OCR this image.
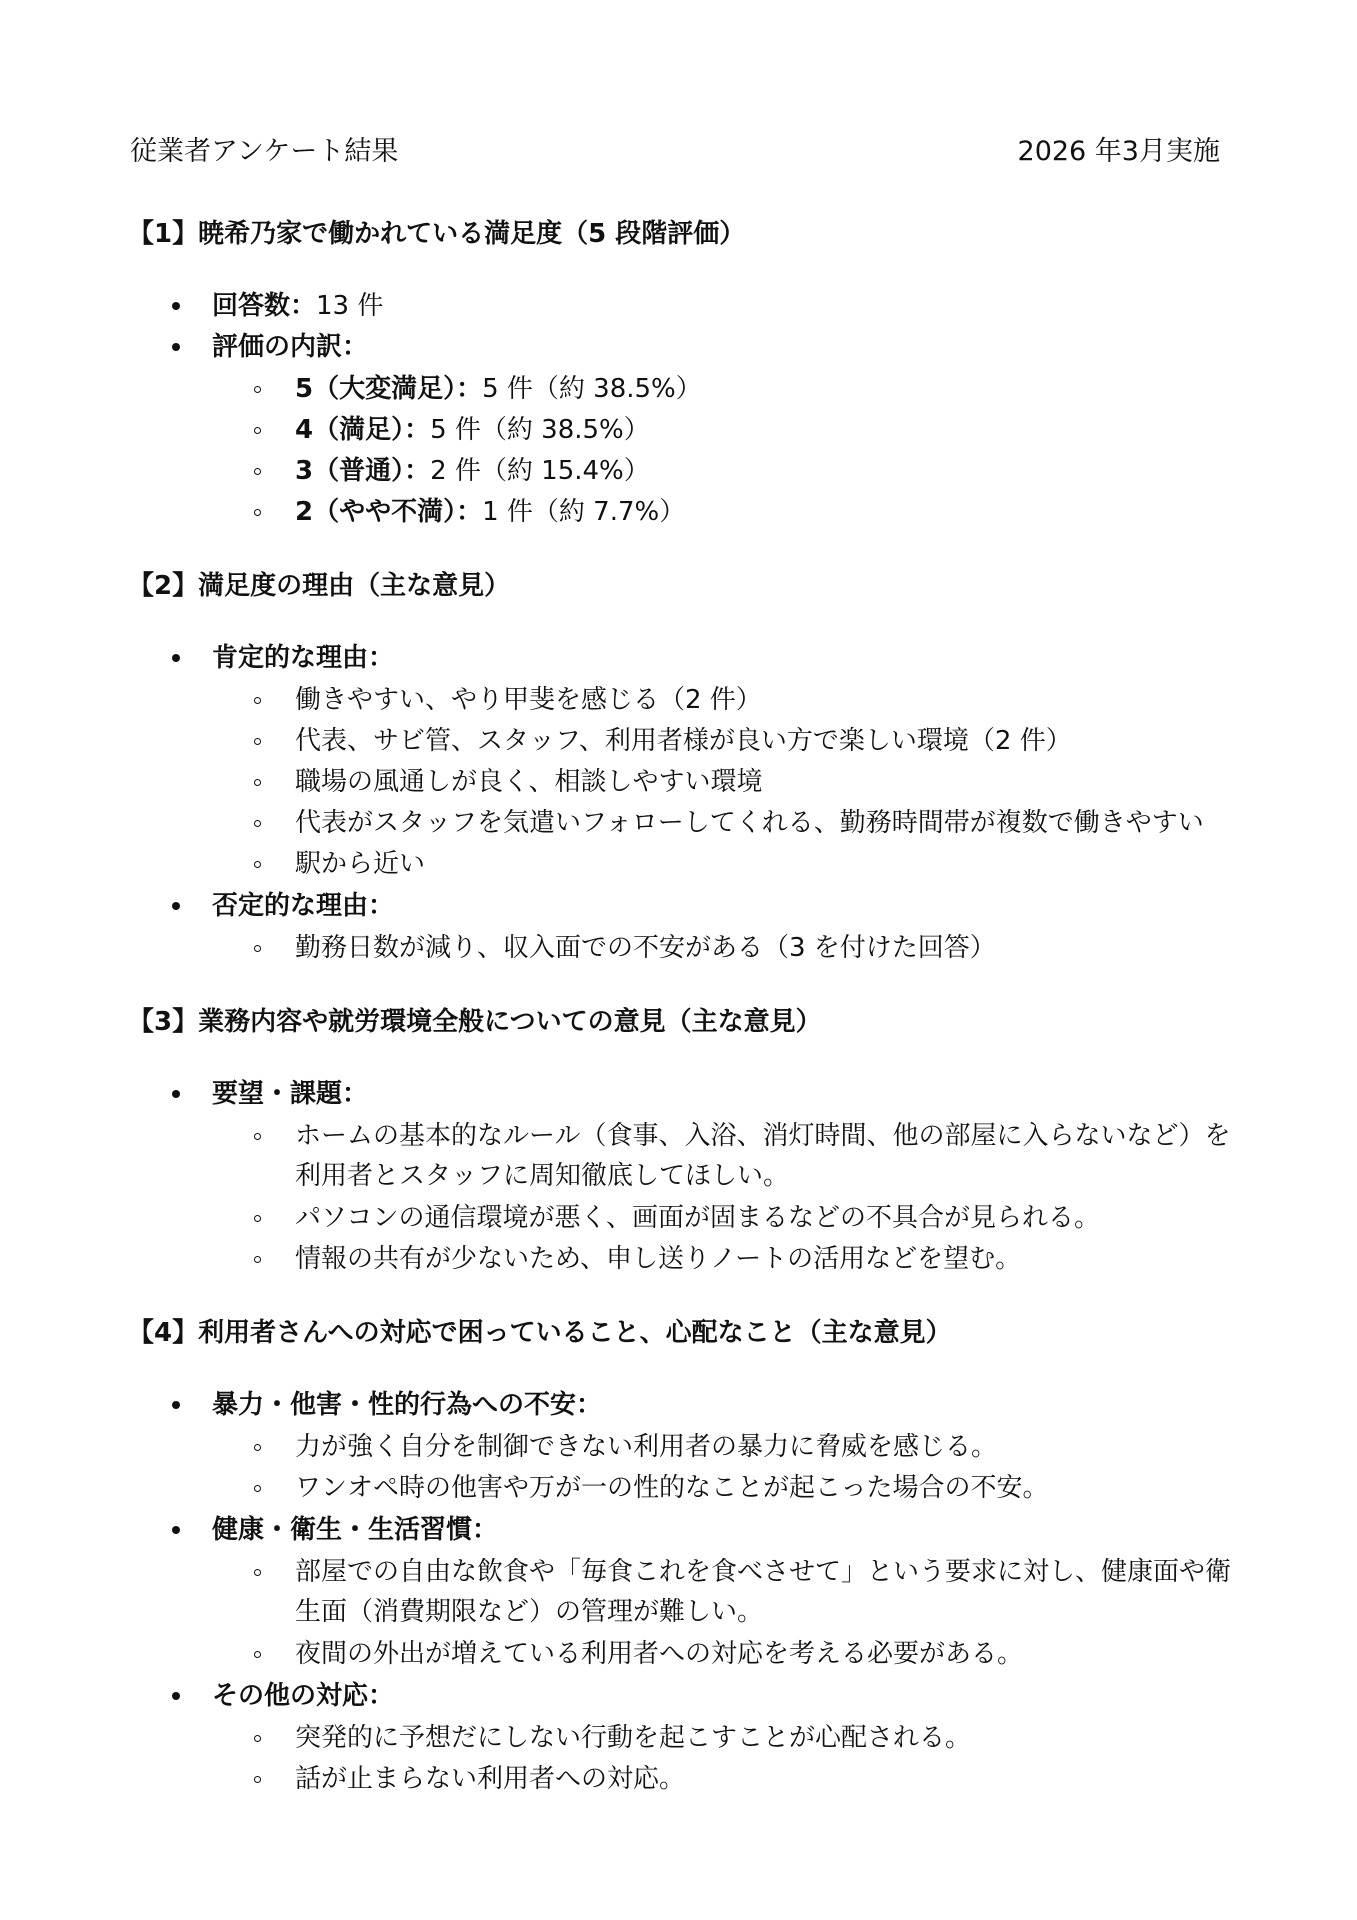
従業者アンケート結果	2026 年3月実施
【1】暁希乃家で働かれている満足度（5 段階評価）
回答数：13 件
評価の内訳：
5（大変満足）：5 件（約 38.5%）
4（満足）：5 件（約 38.5%）
3（普通）：2 件（約 15.4%）
2（やや不満）：1 件（約 7.7%）
【2】満足度の理由（主な意見）
肯定的な理由：
働きやすい、やり甲斐を感じる（2 件）
代表、サビ管、スタッフ、利用者様が良い方で楽しい環境（2 件）
職場の風通しが良く、相談しやすい環境
代表がスタッフを気遣いフォローしてくれる、勤務時間帯が複数で働きやすい
駅から近い
否定的な理由：
勤務日数が減り、収入面での不安がある（3 を付けた回答）
【3】業務内容や就労環境全般についての意見（主な意見）
要望・課題：
ホームの基本的なルール（食事、入浴、消灯時間、他の部屋に入らないなど）を利用者とスタッフに周知徹底してほしい。
パソコンの通信環境が悪く、画面が固まるなどの不具合が見られる。
情報の共有が少ないため、申し送りノートの活用などを望む。
【4】利用者さんへの対応で困っていること、心配なこと（主な意見）
暴力・他害・性的行為への不安：
力が強く自分を制御できない利用者の暴力に脅威を感じる。
ワンオペ時の他害や万が一の性的なことが起こった場合の不安。
健康・衛生・生活習慣：
部屋での自由な飲食や「毎食これを食べさせて」という要求に対し、健康面や衛生面（消費期限など）の管理が難しい。
夜間の外出が増えている利用者への対応を考える必要がある。
その他の対応：
突発的に予想だにしない行動を起こすことが心配される。
話が止まらない利用者への対応。
